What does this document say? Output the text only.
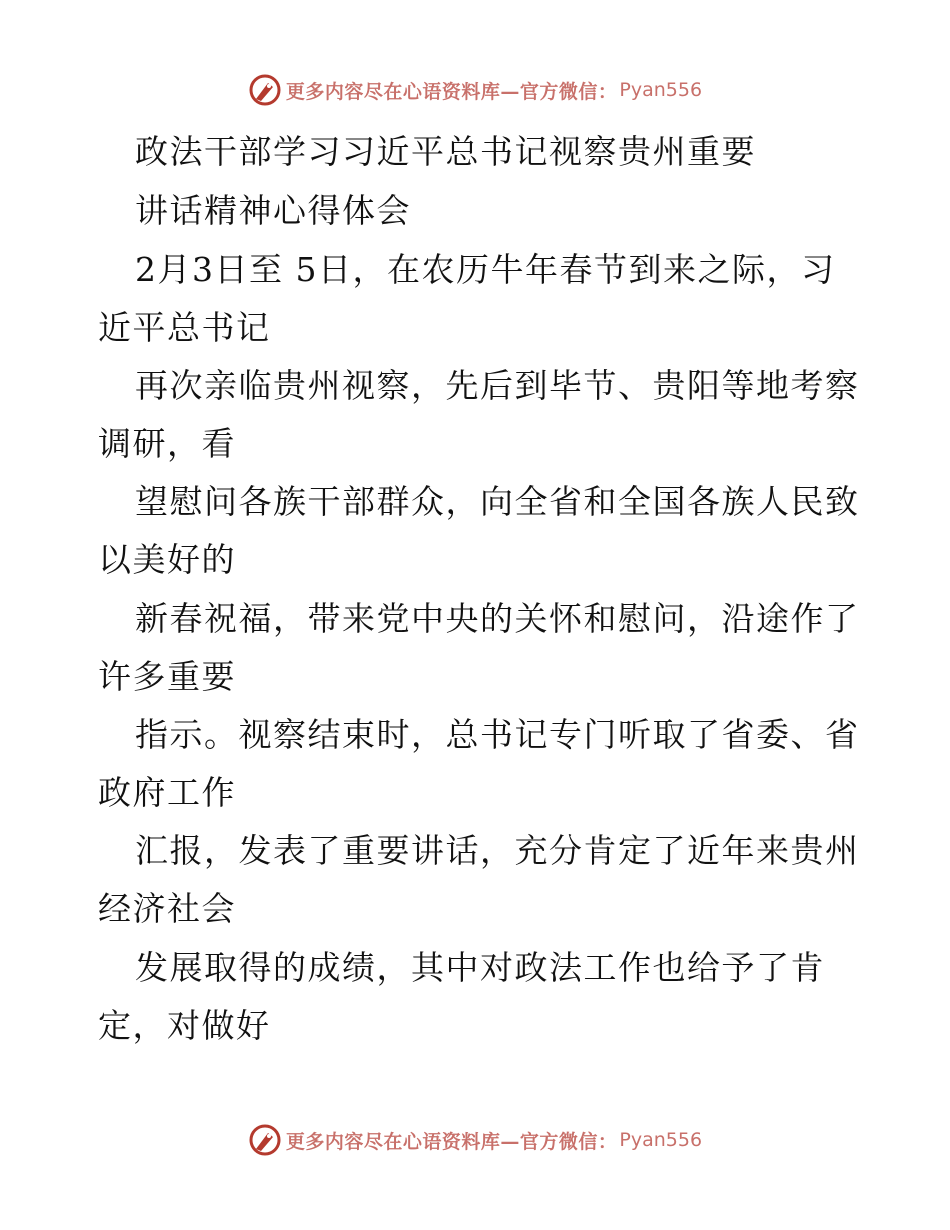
更多内容尽在心语资料库—官方微信： Pyan556
政法干部学习习近平总书记视察贵州重要
讲话精神心得体会
2月3日至 5日，在农历牛年春节到来之际，习
近平总书记
再次亲临贵州视察，先后到毕节、贵阳等地考察
调研，看
望慰问各族干部群众，向全省和全国各族人民致
以美好的
新春祝福，带来党中央的关怀和慰问，沿途作了
许多重要
指示。视察结束时，总书记专门听取了省委、省
政府工作
汇报，发表了重要讲话，充分肯定了近年来贵州
经济社会
发展取得的成绩，其中对政法工作也给予了肯
定，对做好
更多内容尽在心语资料库—官方微信： Pyan556
